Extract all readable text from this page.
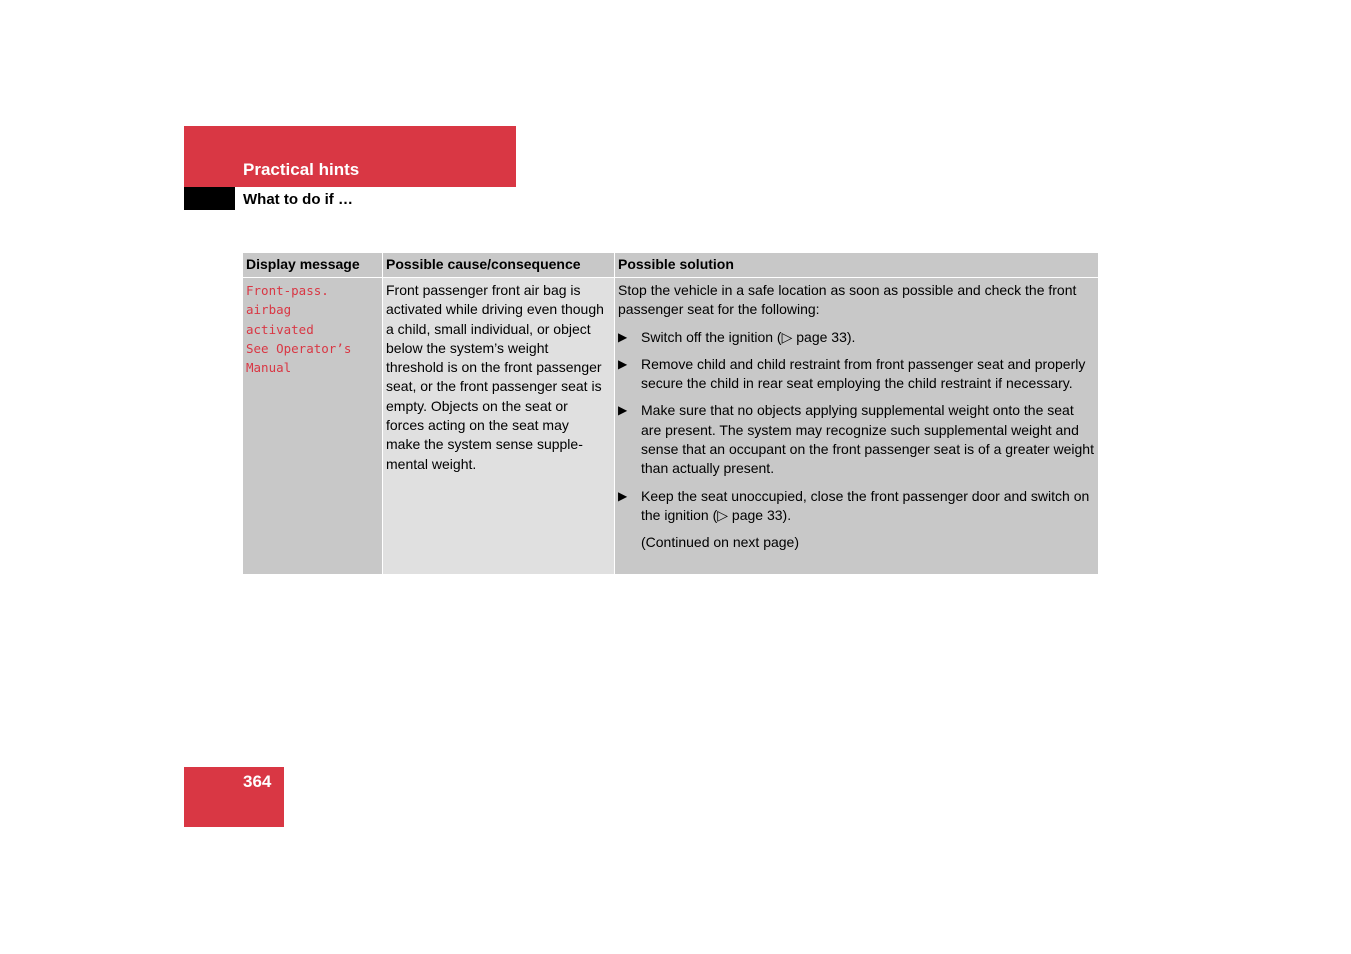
Practical hints
What to do if …
Display message	Possible cause/consequence	Possible solution
Front-pass.
airbag
activated
See Operator’s
Manual
Front passenger front air bag is
activated while driving even though
a child, small individual, or object
below the system’s weight
threshold is on the front passenger
seat, or the front passenger seat is
empty. Objects on the seat or
forces acting on the seat may
make the system sense supple-
mental weight.

Stop the vehicle in a safe location as soon as possible and check the front passenger seat for the following:

▶ Switch off the ignition (▷ page 33).
▶ Remove child and child restraint from front passenger seat and properly secure the child in rear seat employing the child restraint if necessary.
▶ Make sure that no objects applying supplemental weight onto the seat are present. The system may recognize such supplemental weight and sense that an occupant on the front passenger seat is of a greater weight than actually present.
▶ Keep the seat unoccupied, close the front passenger door and switch on the ignition (▷ page 33).
(Continued on next page)
364
